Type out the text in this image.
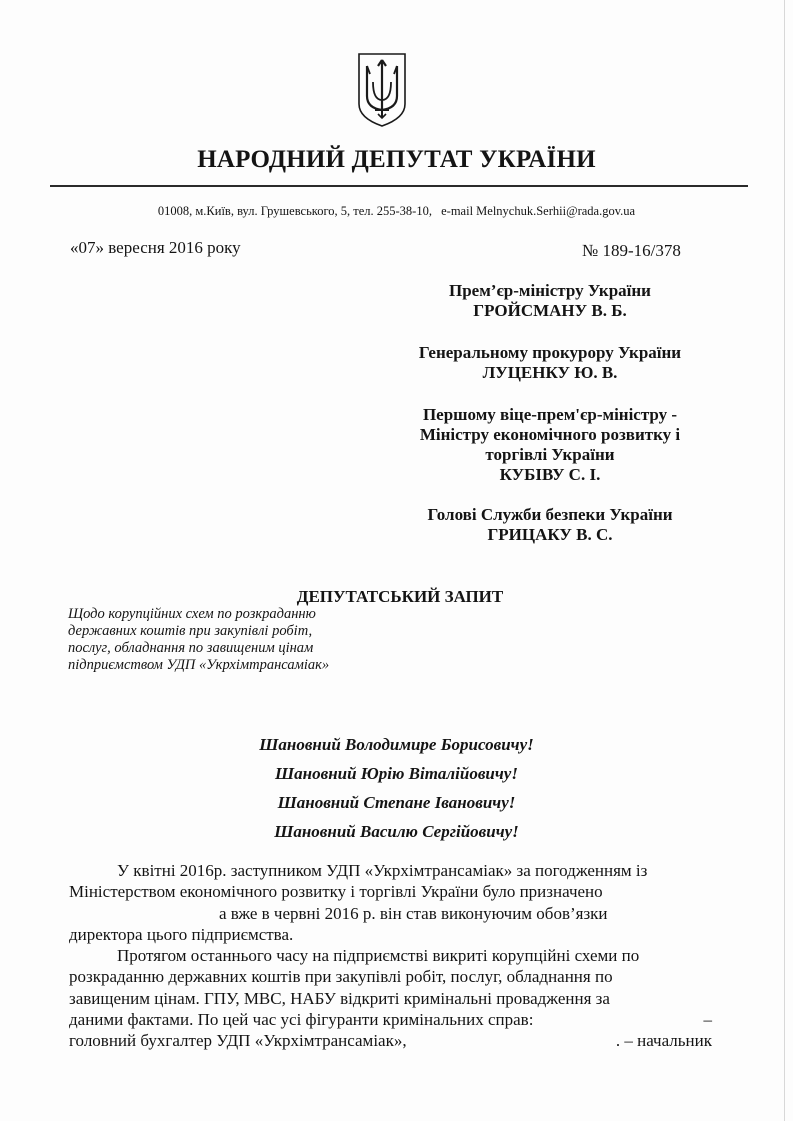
НАРОДНИЙ ДЕПУТАТ УКРАЇНИ
01008, м.Київ, вул. Грушевського, 5, тел. 255-38-10, e-mail Melnychuk.Serhii@rada.gov.ua
«07» вересня 2016 року	№ 189-16/378
Прем’єр-міністру України
ГРОЙСМАНУ В. Б.
Генеральному прокурору України
ЛУЦЕНКУ Ю. В.
Першому віце-прем'єр-міністру -
Міністру економічного розвитку і
торгівлі України
КУБІВУ С. І.
Голові Служби безпеки України
ГРИЦАКУ В. С.
ДЕПУТАТСЬКИЙ ЗАПИТ
Щодо корупційних схем по розкраданню
державних коштів при закупівлі робіт,
послуг, обладнання по завищеним цінам
підприємством УДП «Укрхімтрансаміак»
Шановний Володимире Борисовичу!
Шановний Юрію Віталійовичу!
Шановний Степане Івановичу!
Шановний Василю Сергійовичу!
У квітні 2016р. заступником УДП «Укрхімтрансаміак» за погодженням із
Міністерством економічного розвитку і торгівлі України було призначено
а вже в червні 2016 р. він став виконуючим обов’язки
директора цього підприємства.
Протягом останнього часу на підприємстві викриті корупційні схеми по
розкраданню державних коштів при закупівлі робіт, послуг, обладнання по
завищеним цінам. ГПУ, МВС, НАБУ відкриті кримінальні провадження за
даними фактами. По цей час усі фігуранти кримінальних справ:	–
головний бухгалтер УДП «Укрхімтрансаміак»,	. – начальник
